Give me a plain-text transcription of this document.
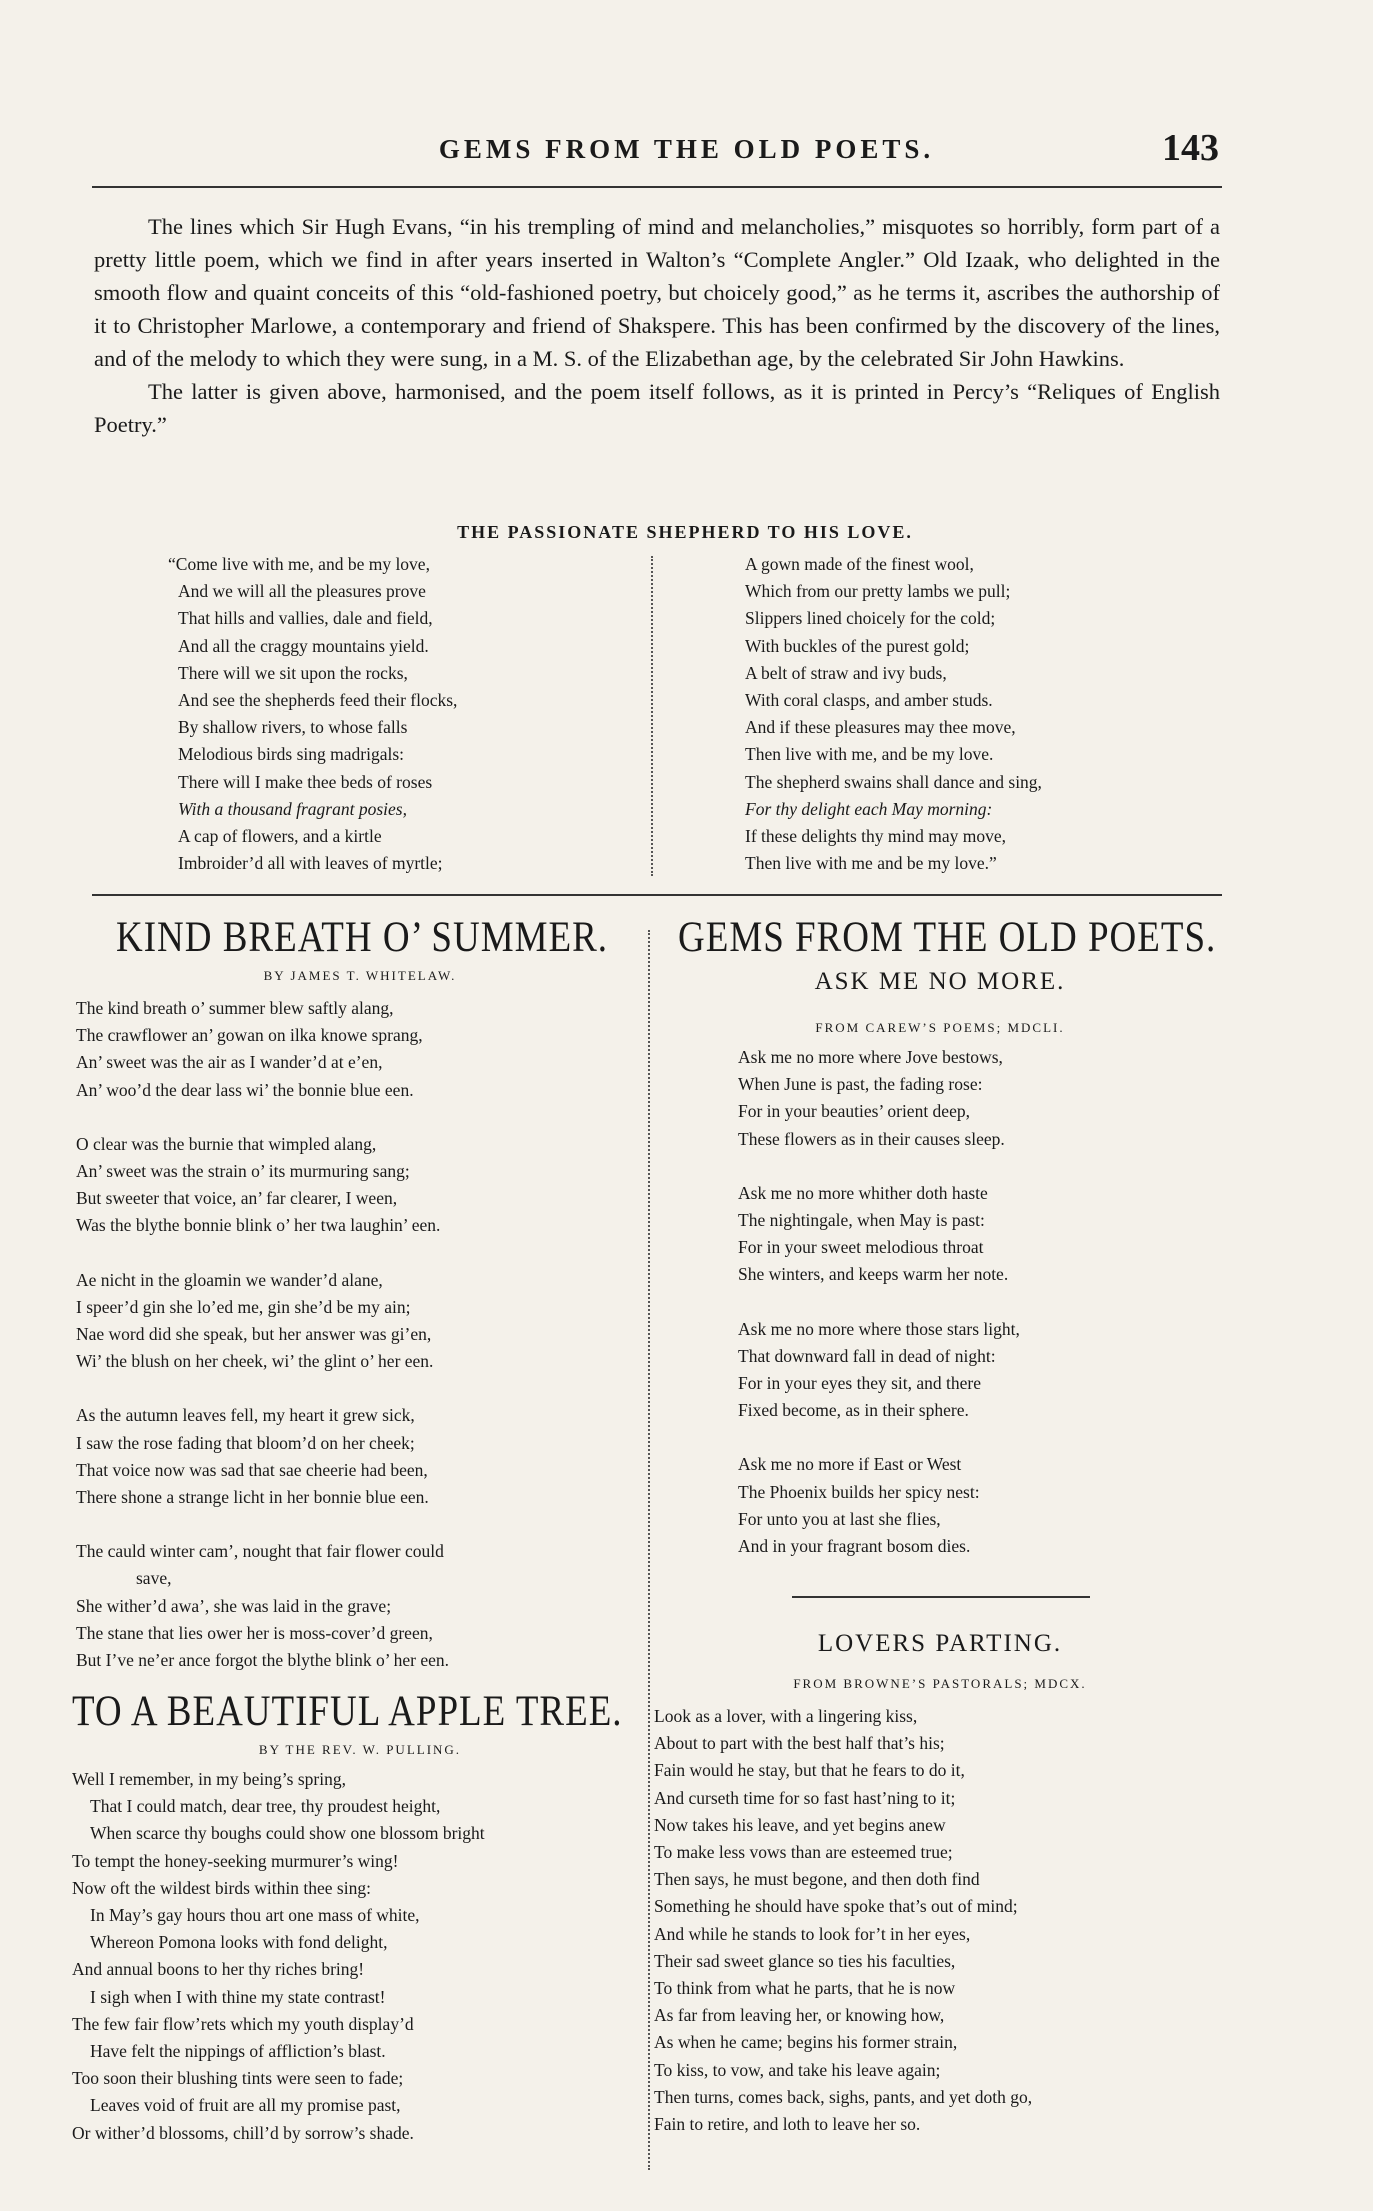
GEMS FROM THE OLD POETS.	143

The lines which Sir Hugh Evans, “in his trempling of mind and melancholies,” misquotes so horribly, form part of a pretty little poem, which we find in after years inserted in Walton’s “Complete Angler.” Old Izaak, who delighted in the smooth flow and quaint conceits of this “old-fashioned poetry, but choicely good,” as he terms it, ascribes the authorship of it to Christopher Marlowe, a contemporary and friend of Shakspere. This has been confirmed by the discovery of the lines, and of the melody to which they were sung, in a M. S. of the Elizabethan age, by the celebrated Sir John Hawkins.

The latter is given above, harmonised, and the poem itself follows, as it is printed in Percy’s “Reliques of English Poetry.”

THE PASSIONATE SHEPHERD TO HIS LOVE.
“Come live with me, and be my love,
And we will all the pleasures prove
That hills and vallies, dale and field,
And all the craggy mountains yield.
There will we sit upon the rocks,
And see the shepherds feed their flocks,
By shallow rivers, to whose falls
Melodious birds sing madrigals:
There will I make thee beds of roses
With a thousand fragrant posies,
A cap of flowers, and a kirtle
Imbroider’d all with leaves of myrtle;
A gown made of the finest wool,
Which from our pretty lambs we pull;
Slippers lined choicely for the cold;
With buckles of the purest gold;
A belt of straw and ivy buds,
With coral clasps, and amber studs.
And if these pleasures may thee move,
Then live with me, and be my love.
The shepherd swains shall dance and sing,
For thy delight each May morning:
If these delights thy mind may move,
Then live with me and be my love.”
KIND BREATH O’ SUMMER.
BY JAMES T. WHITELAW.
The kind breath o’ summer blew saftly alang,
The crawflower an’ gowan on ilka knowe sprang,
An’ sweet was the air as I wander’d at e’en,
An’ woo’d the dear lass wi’ the bonnie blue een.
O clear was the burnie that wimpled alang,
An’ sweet was the strain o’ its murmuring sang;
But sweeter that voice, an’ far clearer, I ween,
Was the blythe bonnie blink o’ her twa laughin’ een.
Ae nicht in the gloamin we wander’d alane,
I speer’d gin she lo’ed me, gin she’d be my ain;
Nae word did she speak, but her answer was gi’en,
Wi’ the blush on her cheek, wi’ the glint o’ her een.
As the autumn leaves fell, my heart it grew sick,
I saw the rose fading that bloom’d on her cheek;
That voice now was sad that sae cheerie had been,
There shone a strange licht in her bonnie blue een.
The cauld winter cam’, nought that fair flower could
save,
She wither’d awa’, she was laid in the grave;
The stane that lies ower her is moss-cover’d green,
But I’ve ne’er ance forgot the blythe blink o’ her een.
TO A BEAUTIFUL APPLE TREE.
BY THE REV. W. PULLING.
Well I remember, in my being’s spring,
That I could match, dear tree, thy proudest height,
When scarce thy boughs could show one blossom bright
To tempt the honey-seeking murmurer’s wing!
Now oft the wildest birds within thee sing:
In May’s gay hours thou art one mass of white,
Whereon Pomona looks with fond delight,
And annual boons to her thy riches bring!
I sigh when I with thine my state contrast!
The few fair flow’rets which my youth display’d
Have felt the nippings of affliction’s blast.
Too soon their blushing tints were seen to fade;
Leaves void of fruit are all my promise past,
Or wither’d blossoms, chill’d by sorrow’s shade.
GEMS FROM THE OLD POETS.
ASK ME NO MORE.
FROM CAREW’S POEMS; MDCLI.
Ask me no more where Jove bestows,
When June is past, the fading rose:
For in your beauties’ orient deep,
These flowers as in their causes sleep.
Ask me no more whither doth haste
The nightingale, when May is past:
For in your sweet melodious throat
She winters, and keeps warm her note.
Ask me no more where those stars light,
That downward fall in dead of night:
For in your eyes they sit, and there
Fixed become, as in their sphere.
Ask me no more if East or West
The Phoenix builds her spicy nest:
For unto you at last she flies,
And in your fragrant bosom dies.
LOVERS PARTING.
FROM BROWNE’S PASTORALS; MDCX.
Look as a lover, with a lingering kiss,
About to part with the best half that’s his;
Fain would he stay, but that he fears to do it,
And curseth time for so fast hast’ning to it;
Now takes his leave, and yet begins anew
To make less vows than are esteemed true;
Then says, he must begone, and then doth find
Something he should have spoke that’s out of mind;
And while he stands to look for’t in her eyes,
Their sad sweet glance so ties his faculties,
To think from what he parts, that he is now
As far from leaving her, or knowing how,
As when he came; begins his former strain,
To kiss, to vow, and take his leave again;
Then turns, comes back, sighs, pants, and yet doth go,
Fain to retire, and loth to leave her so.
